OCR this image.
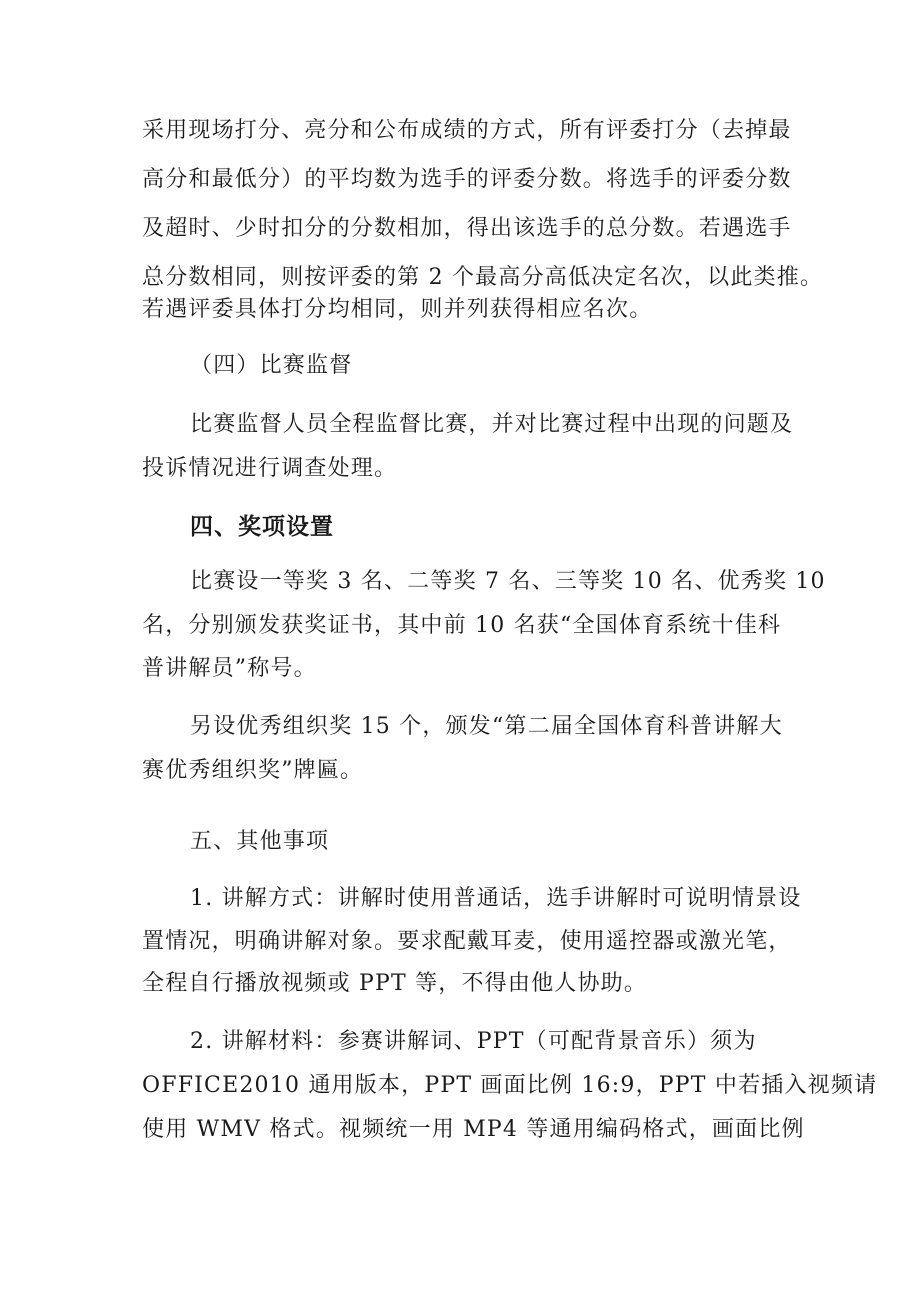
采用现场打分、亮分和公布成绩的方式，所有评委打分（去掉最
高分和最低分）的平均数为选手的评委分数。将选手的评委分数
及超时、少时扣分的分数相加，得出该选手的总分数。若遇选手
总分数相同，则按评委的第 2 个最高分高低决定名次，以此类推。
若遇评委具体打分均相同，则并列获得相应名次。
（四）比赛监督
比赛监督人员全程监督比赛，并对比赛过程中出现的问题及
投诉情况进行调查处理。
四、奖项设置
比赛设一等奖 3 名、二等奖 7 名、三等奖 10 名、优秀奖 10
名，分别颁发获奖证书，其中前 10 名获“全国体育系统十佳科
普讲解员”称号。
另设优秀组织奖 15 个，颁发“第二届全国体育科普讲解大
赛优秀组织奖”牌匾。
五、其他事项
1. 讲解方式：讲解时使用普通话，选手讲解时可说明情景设
置情况，明确讲解对象。要求配戴耳麦，使用遥控器或激光笔，
全程自行播放视频或 PPT 等，不得由他人协助。
2. 讲解材料：参赛讲解词、PPT（可配背景音乐）须为
OFFICE2010 通用版本，PPT 画面比例 16:9，PPT 中若插入视频请
使用 WMV 格式。视频统一用 MP4 等通用编码格式，画面比例
